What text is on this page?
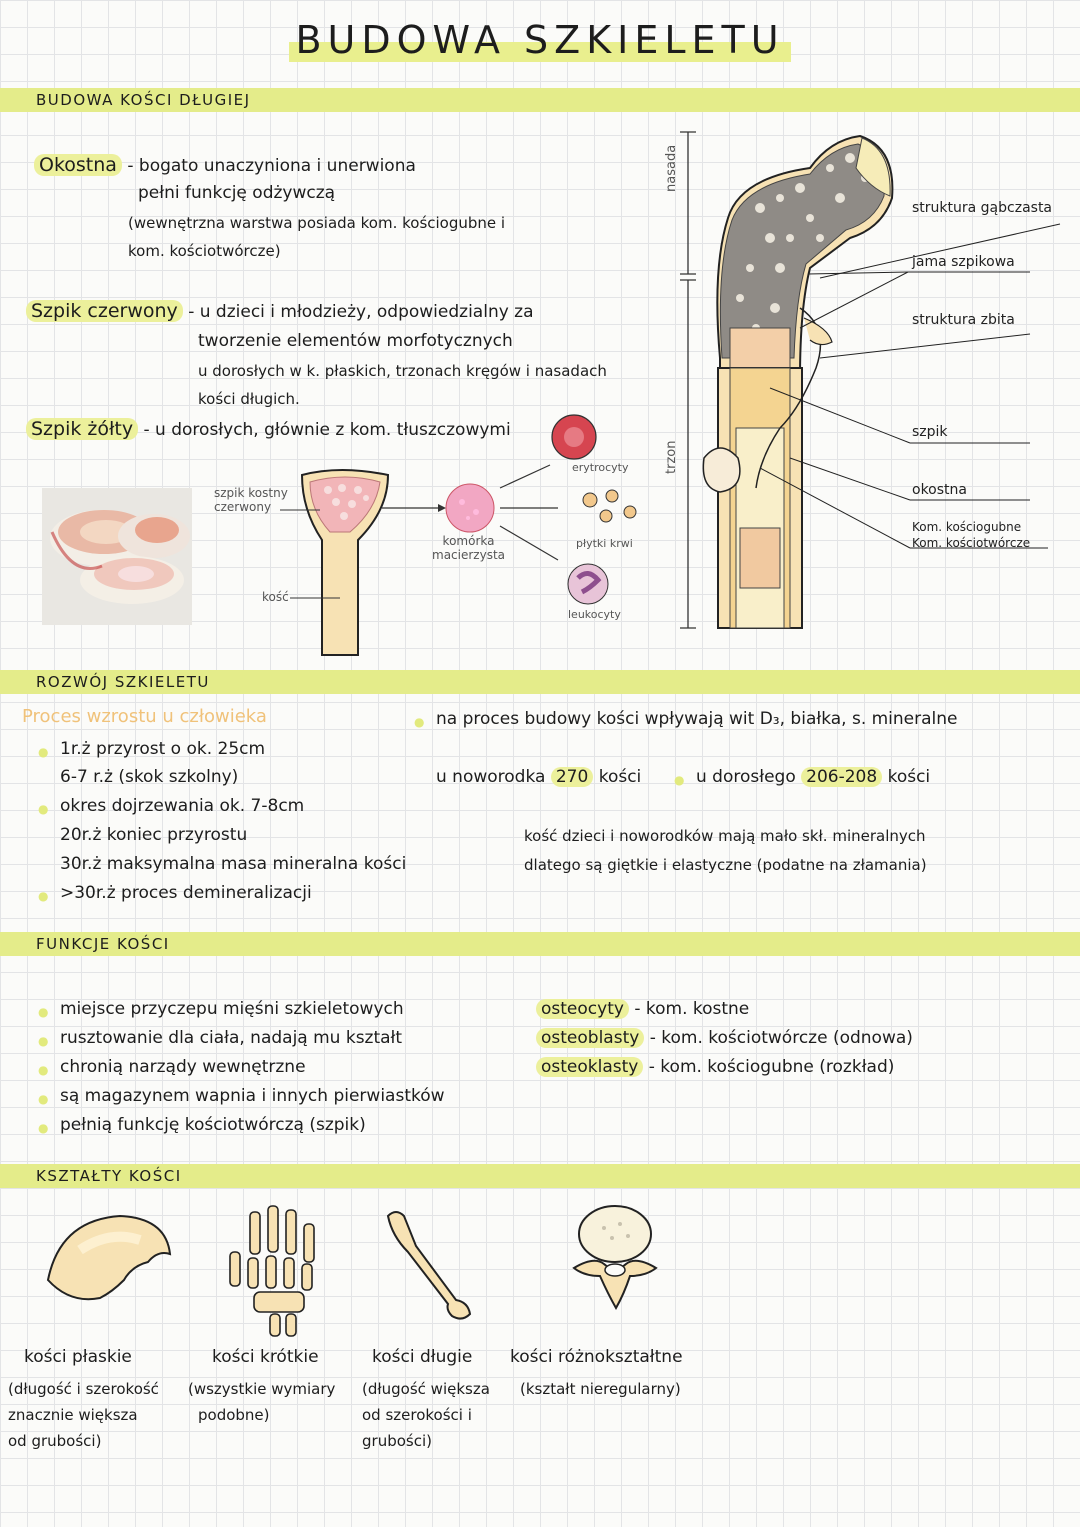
BUDOWA SZKIELETU
BUDOWA KOŚCI DŁUGIEJ
Okostna - bogato unaczyniona i unerwiona
pełni funkcję odżywczą
(wewnętrzna warstwa posiada kom. kościogubne i
kom. kościotwórcze)
Szpik czerwony - u dzieci i młodzieży, odpowiedzialny za
tworzenie elementów morfotycznych
u dorosłych w k. płaskich, trzonach kręgów i nasadach
kości długich.
Szpik żółty - u dorosłych, głównie z kom. tłuszczowymi
szpik kostny
czerwony
kość
komórka
macierzysta
erytrocyty
płytki krwi
leukocyty
nasada
trzon
struktura gąbczasta
jama szpikowa
struktura zbita
szpik
okostna
Kom. kościogubne
Kom. kościotwórcze
ROZWÓJ SZKIELETU
Proces wzrostu u człowieka
● 1r.ż przyrost o ok. 25cm
6-7 r.ż (skok szkolny)
● okres dojrzewania ok. 7-8cm
20r.ż koniec przyrostu
30r.ż maksymalna masa mineralna kości
● >30r.ż proces demineralizacji
● na proces budowy kości wpływają wit D₃, białka, s. mineralne
u noworodka 270 kości
●	u dorosłego 206-208 kości
kość dzieci i noworodków mają mało skł. mineralnych
dlatego są giętkie i elastyczne (podatne na złamania)
FUNKCJE KOŚCI
● miejsce przyczepu mięśni szkieletowych
● rusztowanie dla ciała, nadają mu kształt
● chronią narządy wewnętrzne
● są magazynem wapnia i innych pierwiastków
● pełnią funkcję kościotwórczą (szpik)
osteocyty - kom. kostne
osteoblasty - kom. kościotwórcze (odnowa)
osteoklasty - kom. kościogubne (rozkład)
KSZTAŁTY KOŚCI
kości płaskie
(długość i szerokość
znacznie większa
od grubości)
kości krótkie
(wszystkie wymiary
podobne)
kości długie
(długość większa
od szerokości i
grubości)
kości różnokształtne
(kształt nieregularny)
